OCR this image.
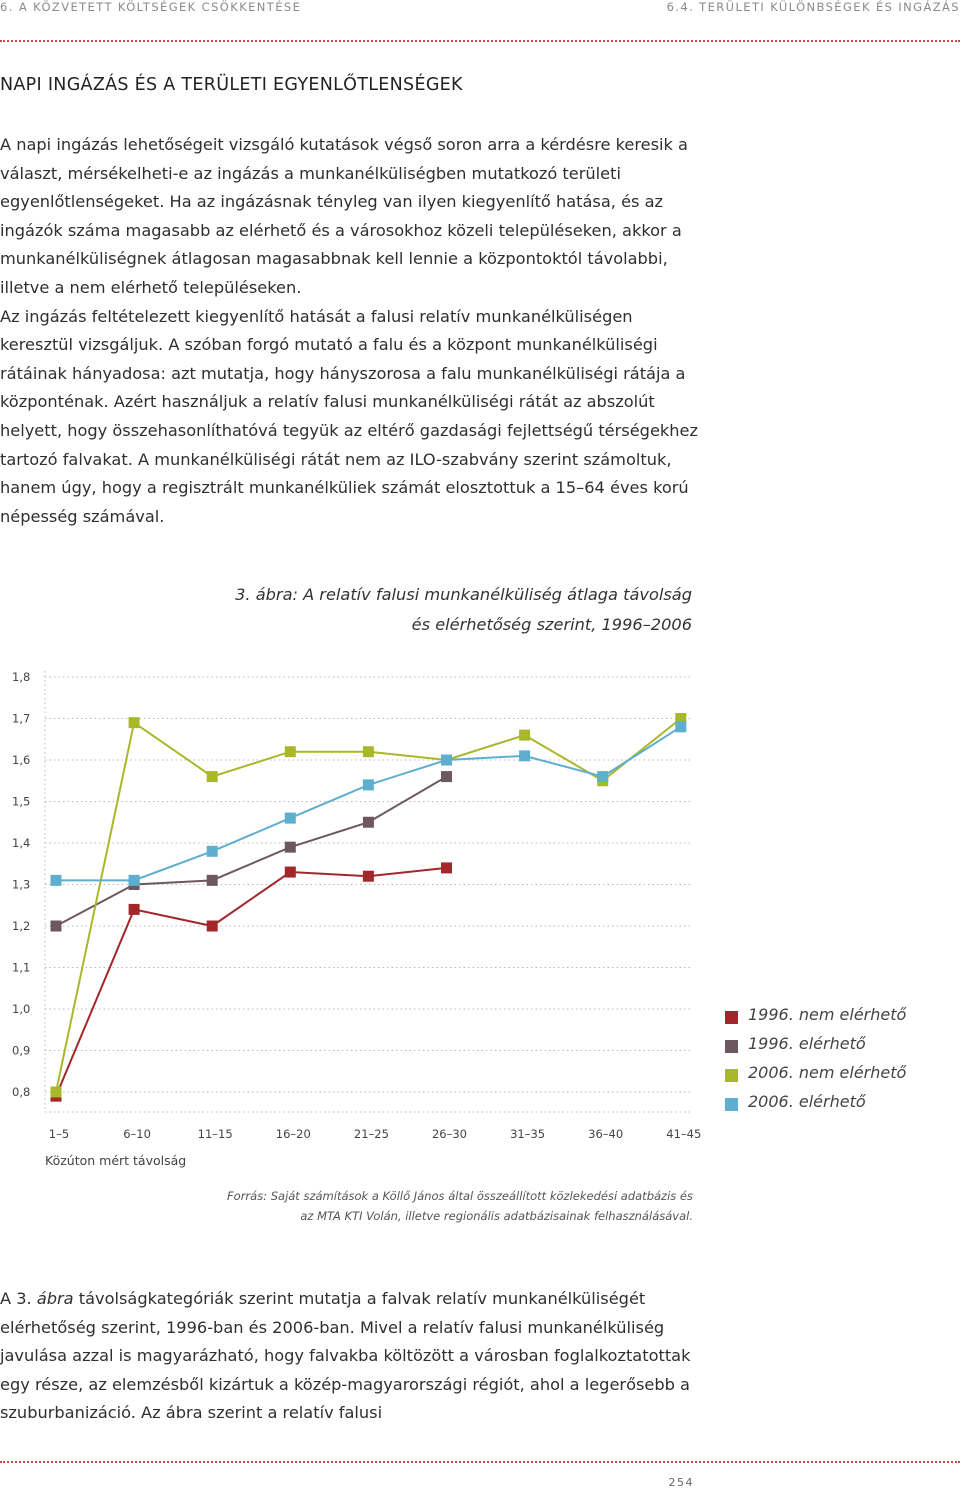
6. A KÖZVETETT KÖLTSÉGEK CSÖKKENTÉSE	6.4. TERÜLETI KÜLÖNBSÉGEK ÉS INGÁZÁS
NAPI INGÁZÁS ÉS A TERÜLETI EGYENLŐTLENSÉGEK

A napi ingázás lehetőségeit vizsgáló kutatások végső soron arra a kérdésre keresik a választ, mérsékelheti-e az ingázás a munkanélküliségben mutatkozó területi egyenlőtlenségeket. Ha az ingázásnak tényleg van ilyen kiegyenlítő hatása, és az ingázók száma magasabb az elérhető és a városokhoz közeli településeken, akkor a munkanélküliségnek átlagosan magasabbnak kell lennie a központoktól távolabbi, illetve a nem elérhető településeken.
Az ingázás feltételezett kiegyenlítő hatását a falusi relatív munkanélküliségen keresztül vizsgáljuk. A szóban forgó mutató a falu és a központ munkanélküliségi rátáinak hányadosa: azt mutatja, hogy hányszorosa a falu munkanélküliségi rátája a központénak. Azért használjuk a relatív falusi munkanélküliségi rátát az abszolút helyett, hogy összehasonlíthatóvá tegyük az eltérő gazdasági fejlettségű térségekhez tartozó falvakat. A munkanélküliségi rátát nem az ILO-szabvány szerint számoltuk, hanem úgy, hogy a regisztrált munkanélküliek számát elosztottuk a 15–64 éves korú népesség számával.

3. ábra: A relatív falusi munkanélküliség átlaga távolság
és elérhetőség szerint, 1996–2006
0,8
0,9
1,0
1,1
1,2
1,3
1,4
1,5
1,6
1,7
1,8
1–5	6–10	11–15	16–20	21–25	26–30	31–35	36–40	41–45
Közúton mért távolság
1996. nem elérhető
1996. elérhető
2006. nem elérhető
2006. elérhető
Forrás: Saját számítások a Köllő János által összeállított közlekedési adatbázis és
az MTA KTI Volán, illetve regionális adatbázisainak felhasználásával.

A 3. ábra távolságkategóriák szerint mutatja a falvak relatív munkanélküliségét elérhetőség szerint, 1996-ban és 2006-ban. Mivel a relatív falusi munkanélküliség javulása azzal is magyarázható, hogy falvakba költözött a városban foglalkoztatottak egy része, az elemzésből kizártuk a közép-magyarországi régiót, ahol a legerősebb a szuburbanizáció. Az ábra szerint a relatív falusi

254
